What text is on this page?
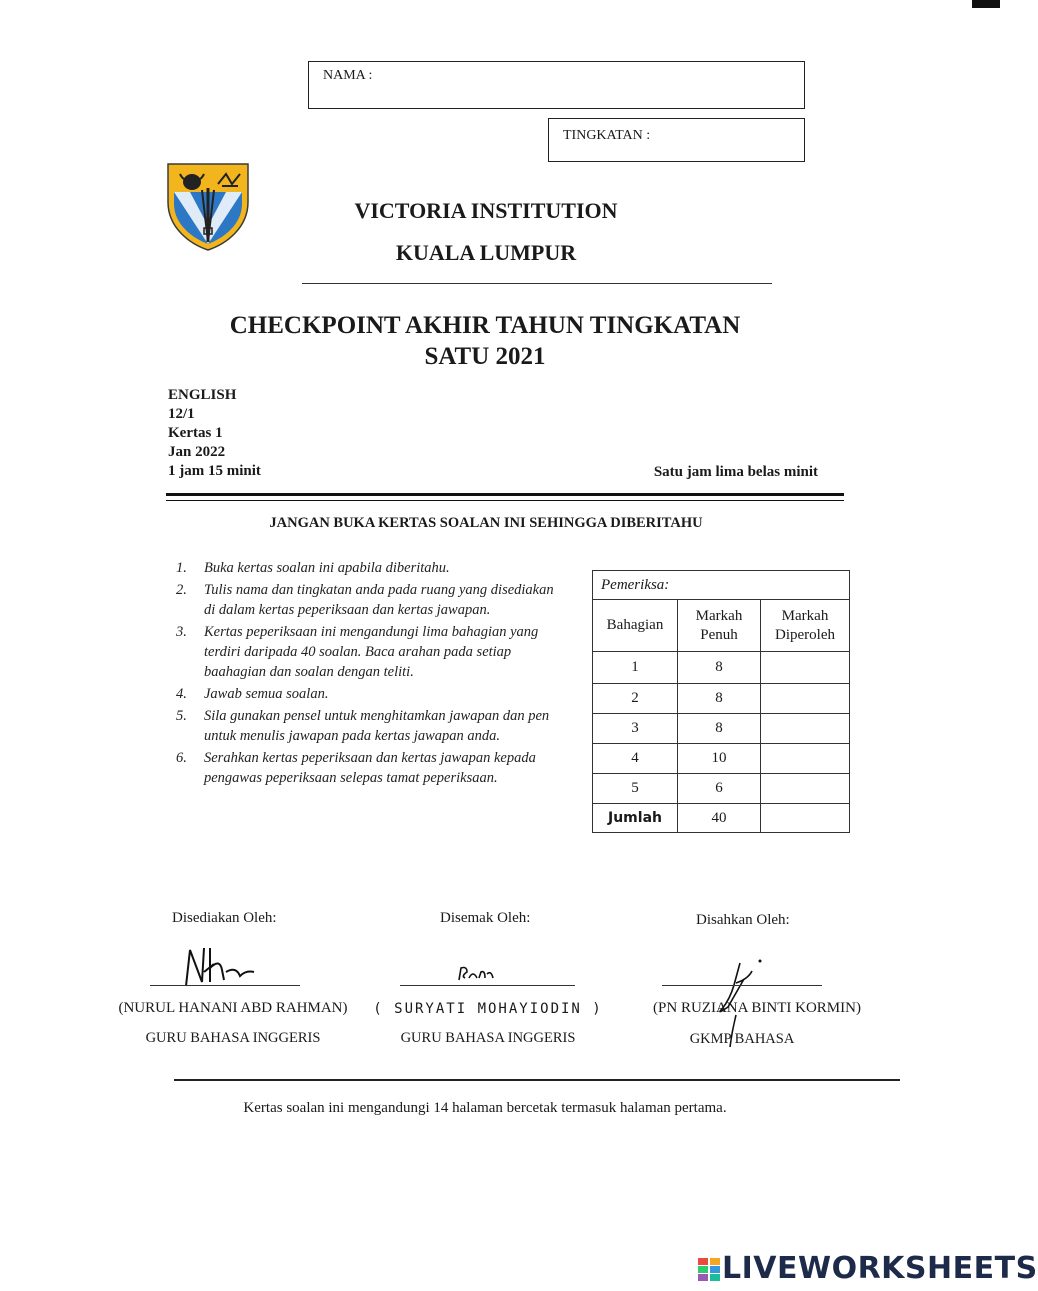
NAMA :
TINGKATAN :
VICTORIA INSTITUTION
KUALA LUMPUR
CHECKPOINT AKHIR TAHUN TINGKATAN
SATU 2021
ENGLISH
12/1
Kertas 1
Jan 2022
1 jam 15 minit	Satu jam lima belas minit
JANGAN BUKA KERTAS SOALAN INI SEHINGGA DIBERITAHU
1. Buka kertas soalan ini apabila diberitahu.
2. Tulis nama dan tingkatan anda pada ruang yang disediakan di dalam kertas peperiksaan dan kertas jawapan.
3. Kertas peperiksaan ini mengandungi lima bahagian yang terdiri daripada 40 soalan. Baca arahan pada setiap baahagian dan soalan dengan teliti.
4. Jawab semua soalan.
5. Sila gunakan pensel untuk menghitamkan jawapan dan pen untuk menulis jawapan pada kertas jawapan anda.
6. Serahkan kertas peperiksaan dan kertas jawapan kepada pengawas peperiksaan selepas tamat peperiksaan.
Pemeriksa:		
Bahagian	Markah Penuh	Markah Diperoleh
1	8	
2	8	
3	8	
4	10	
5	6	
Jumlah	40	
Disediakan Oleh:	Disemak Oleh:	Disahkan Oleh:
(NURUL HANANI ABD RAHMAN)	( SURYATI MOHAYIODIN )	(PN RUZIANA BINTI KORMIN)
GURU BAHASA INGGERIS	GURU BAHASA INGGERIS	GKMP BAHASA
Kertas soalan ini mengandungi 14 halaman bercetak termasuk halaman pertama.
LIVEWORKSHEETS
